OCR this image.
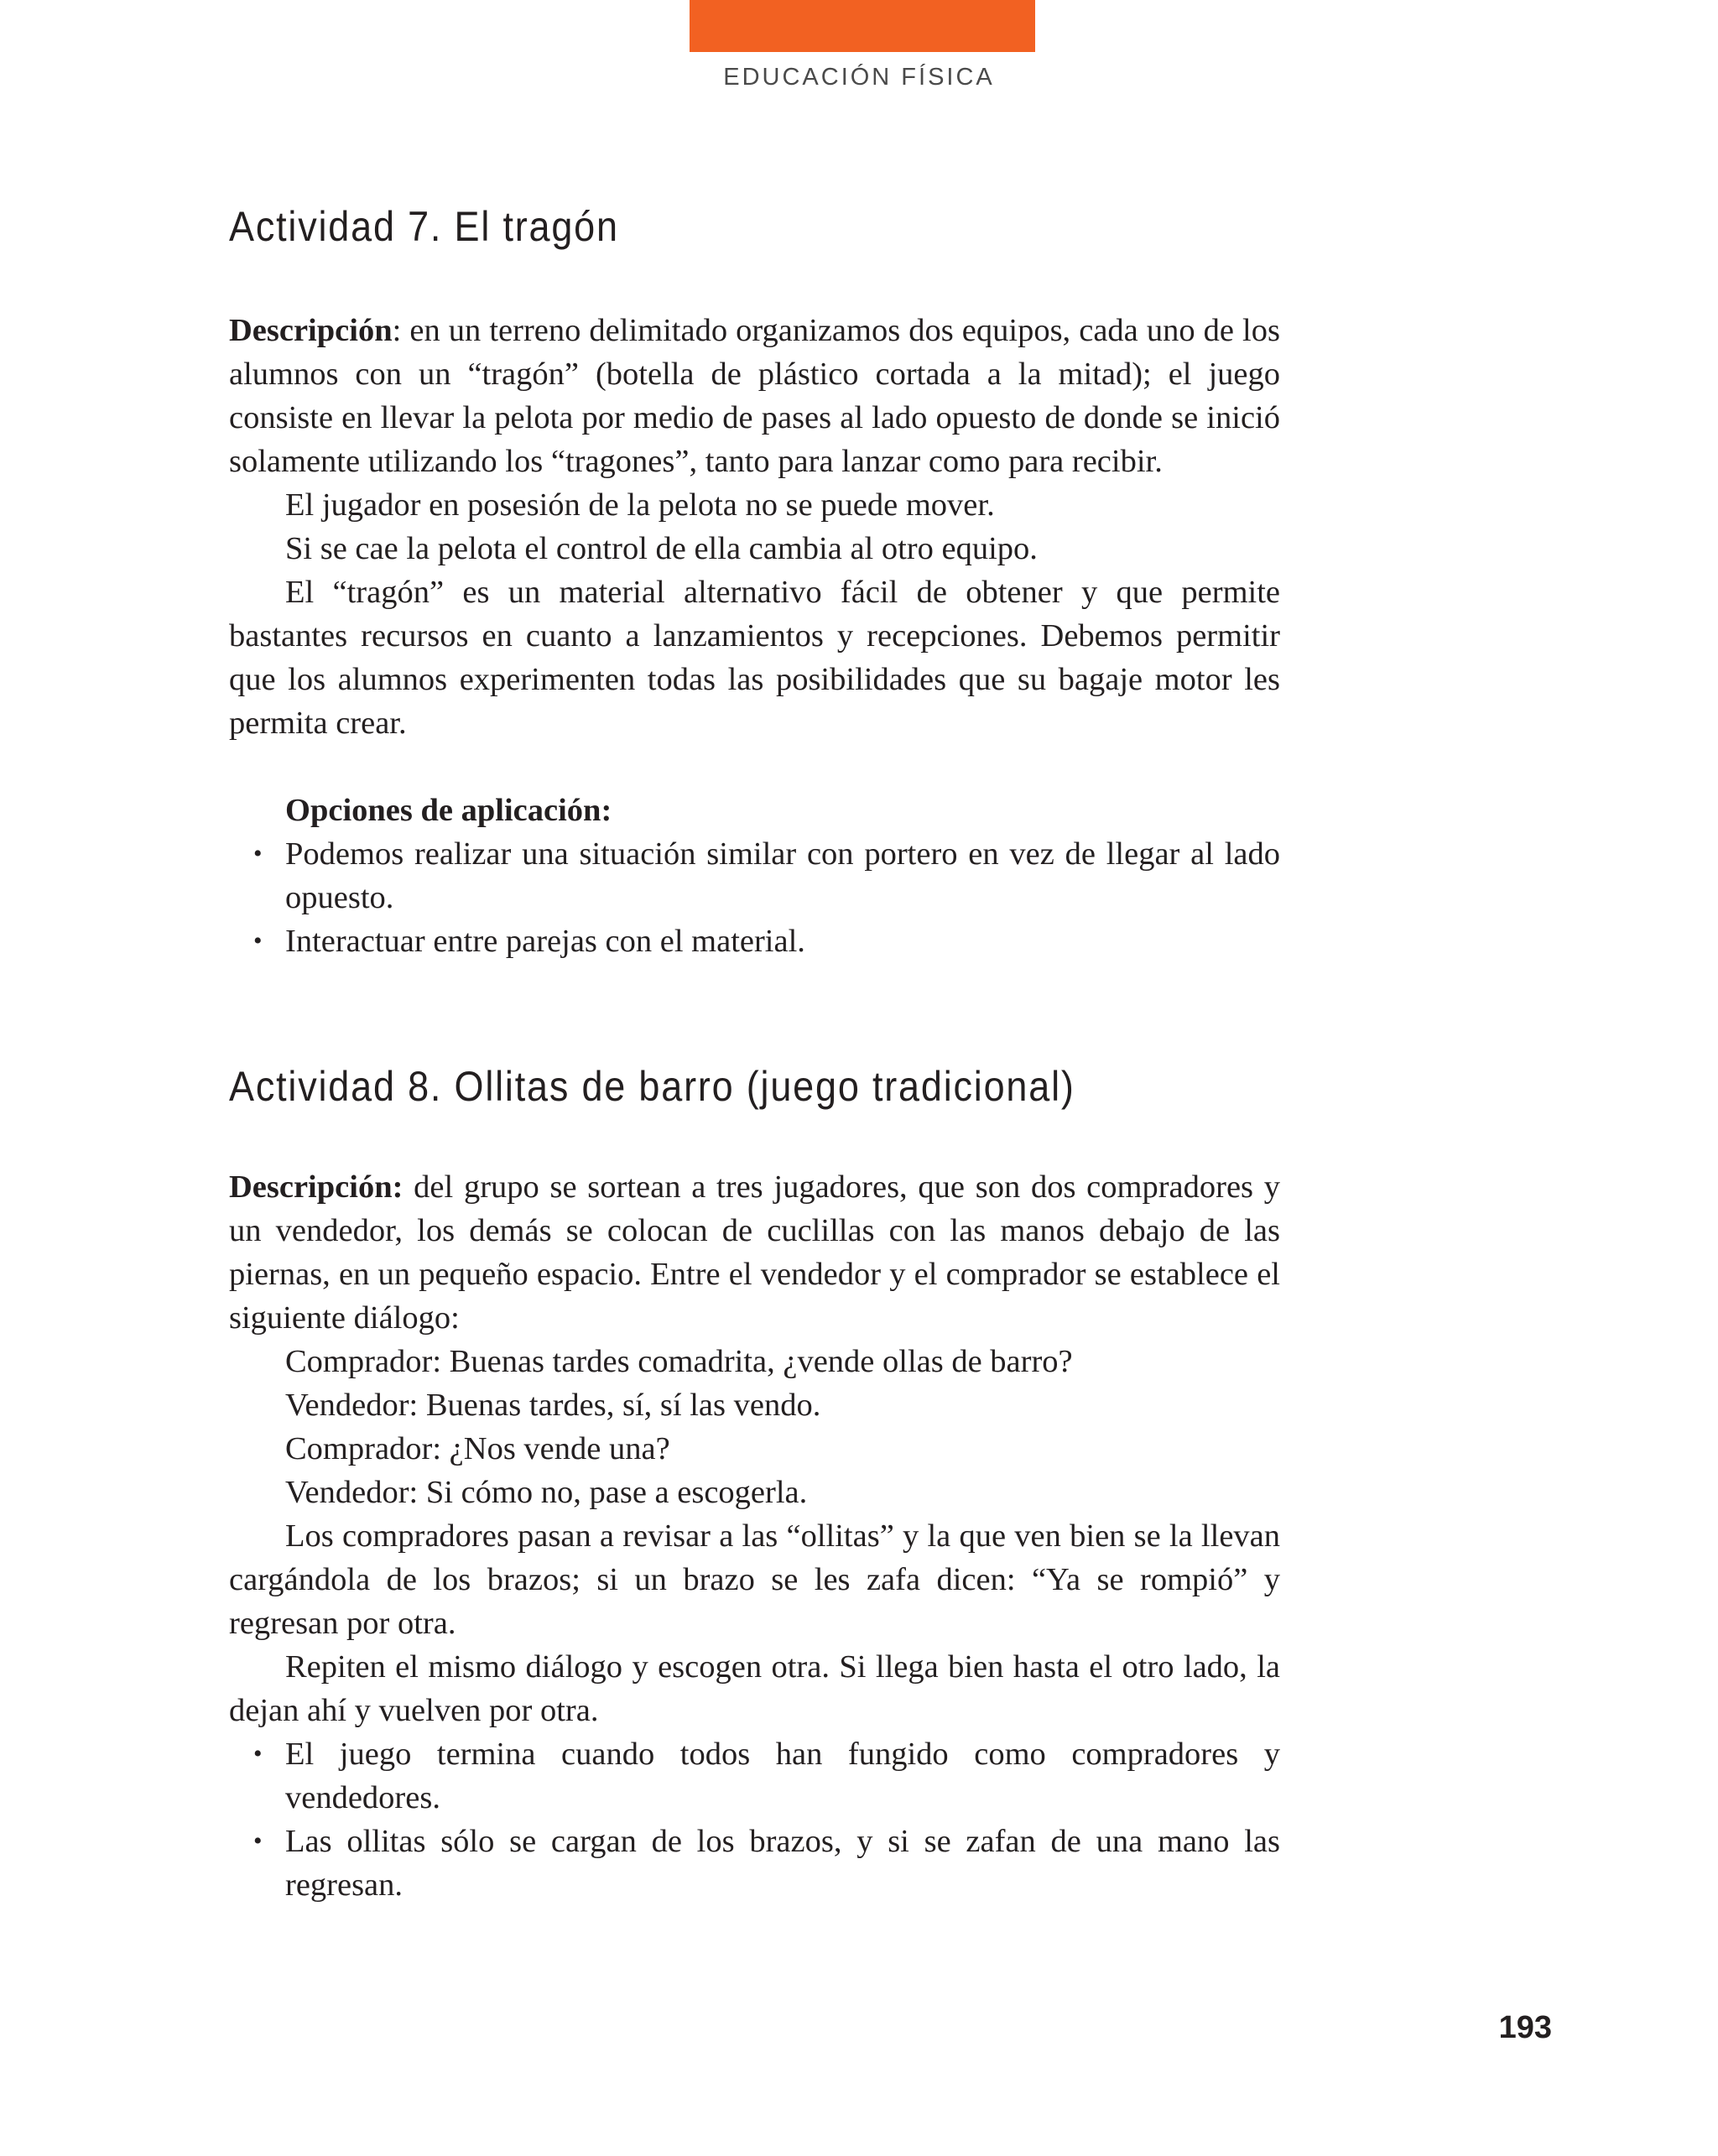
EDUCACIÓN FÍSICA
Actividad 7. El tragón

Descripción: en un terreno delimitado organizamos dos equipos, cada uno de los alumnos con un “tragón” (botella de plástico cortada a la mitad); el juego consiste en llevar la pelota por medio de pases al lado opuesto de donde se inició solamente utilizando los “tragones”, tanto para lanzar como para recibir.

El jugador en posesión de la pelota no se puede mover.

Si se cae la pelota el control de ella cambia al otro equipo.

El “tragón” es un material alternativo fácil de obtener y que permite bastantes recursos en cuanto a lanzamientos y recepciones. Debemos permitir que los alumnos experimenten todas las posibilidades que su bagaje motor les permita crear.

Opciones de aplicación:

• Podemos realizar una situación similar con portero en vez de llegar al lado opuesto.
• Interactuar entre parejas con el material.
Actividad 8. Ollitas de barro (juego tradicional)

Descripción: del grupo se sortean a tres jugadores, que son dos compradores y un vendedor, los demás se colocan de cuclillas con las manos debajo de las piernas, en un pequeño espacio. Entre el vendedor y el comprador se establece el siguiente diálogo:

Comprador: Buenas tardes comadrita, ¿vende ollas de barro?

Vendedor: Buenas tardes, sí, sí las vendo.

Comprador: ¿Nos vende una?

Vendedor: Si cómo no, pase a escogerla.

Los compradores pasan a revisar a las “ollitas” y la que ven bien se la llevan cargándola de los brazos; si un brazo se les zafa dicen: “Ya se rompió” y regresan por otra.

Repiten el mismo diálogo y escogen otra. Si llega bien hasta el otro lado, la dejan ahí y vuelven por otra.

• El juego termina cuando todos han fungido como compradores y vendedores.
• Las ollitas sólo se cargan de los brazos, y si se zafan de una mano las regresan.
193
